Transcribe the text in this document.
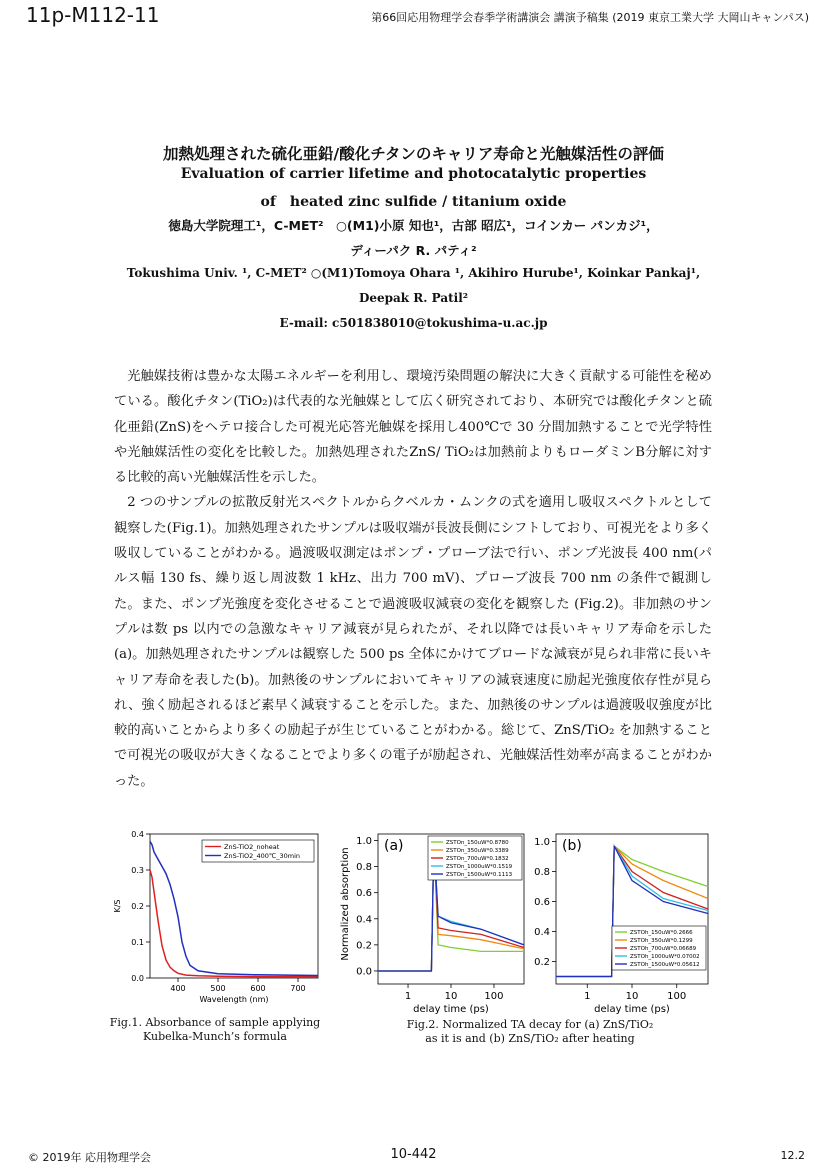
11p-M112-11	第66回応用物理学会春季学術講演会 講演予稿集 (2019 東京工業大学 大岡山キャンパス)
加熱処理された硫化亜鉛/酸化チタンのキャリア寿命と光触媒活性の評価
Evaluation of carrier lifetime and photocatalytic properties
of　heated zinc sulfide / titanium oxide
徳島大学院理工¹，C-MET²　○(M1)小原 知也¹，古部 昭広¹，コインカー パンカジ¹，
ディーパク R. パティ²
Tokushima Univ. ¹, C-MET² ○(M1)Tomoya Ohara ¹, Akihiro Hurube¹, Koinkar Pankaj¹,
Deepak R. Patil²
E-mail: c501838010@tokushima-u.ac.jp

光触媒技術は豊かな太陽エネルギーを利用し、環境汚染問題の解決に大きく貢献する可能性を秘めている。酸化チタン(TiO₂)は代表的な光触媒として広く研究されており、本研究では酸化チタンと硫化亜鉛(ZnS)をヘテロ接合した可視光応答光触媒を採用し400℃で 30 分間加熱することで光学特性や光触媒活性の変化を比較した。加熱処理されたZnS/ TiO₂は加熱前よりもローダミンB分解に対する比較的高い光触媒活性を示した。

2 つのサンプルの拡散反射光スペクトルからクベルカ・ムンクの式を適用し吸収スペクトルとして観察した(Fig.1)。加熱処理されたサンプルは吸収端が長波長側にシフトしており、可視光をより多く吸収していることがわかる。過渡吸収測定はポンプ・プローブ法で行い、ポンプ光波長 400 nm(パルス幅 130 fs、繰り返し周波数 1 kHz、出力 700 mV)、プローブ波長 700 nm の条件で観測した。また、ポンプ光強度を変化させることで過渡吸収減衰の変化を観察した (Fig.2)。非加熱のサンプルは数 ps 以内での急激なキャリア減衰が見られたが、それ以降では長いキャリア寿命を示した(a)。加熱処理されたサンプルは観察した 500 ps 全体にかけてブロードな減衰が見られ非常に長いキャリア寿命を表した(b)。加熱後のサンプルにおいてキャリアの減衰速度に励起光強度依存性が見られ、強く励起されるほど素早く減衰することを示した。また、加熱後のサンプルは過渡吸収強度が比較的高いことからより多くの励起子が生じていることがわかる。総じて、ZnS/TiO₂ を加熱することで可視光の吸収が大きくなることでより多くの電子が励起され、光触媒活性効率が高まることがわかった。

400	500	600	700
0.0
0.1
0.2
0.3
0.4
ZnS-TiO2_noheat
ZnS-TiO2_400℃_30min
Wavelength (nm)
K/S
Fig.1. Absorbance of sample applying
Kubelka-Munch’s formula
1	10	100
0.0
0.2
0.4
0.6
0.8
1.0	ZSTOn_150uW*0.8780
ZSTOn_350uW*0.3389
ZSTOn_700uW*0.1832
ZSTOn_1000uW*0.1519
ZSTOn_1500uW*0.1113
(a)
delay time (ps)
Normalized absorption
1	10	100
0.2
0.4
0.6
0.8
1.0
ZSTOh_150uW*0.2666
ZSTOh_350uW*0.1299
ZSTOh_700uW*0.06689
ZSTOh_1000uW*0.07002
ZSTOh_1500uW*0.05612
(b)
delay time (ps)
Fig.2. Normalized TA decay for (a) ZnS/TiO₂
as it is and (b) ZnS/TiO₂ after heating
© 2019年 応用物理学会	10-442	12.2
